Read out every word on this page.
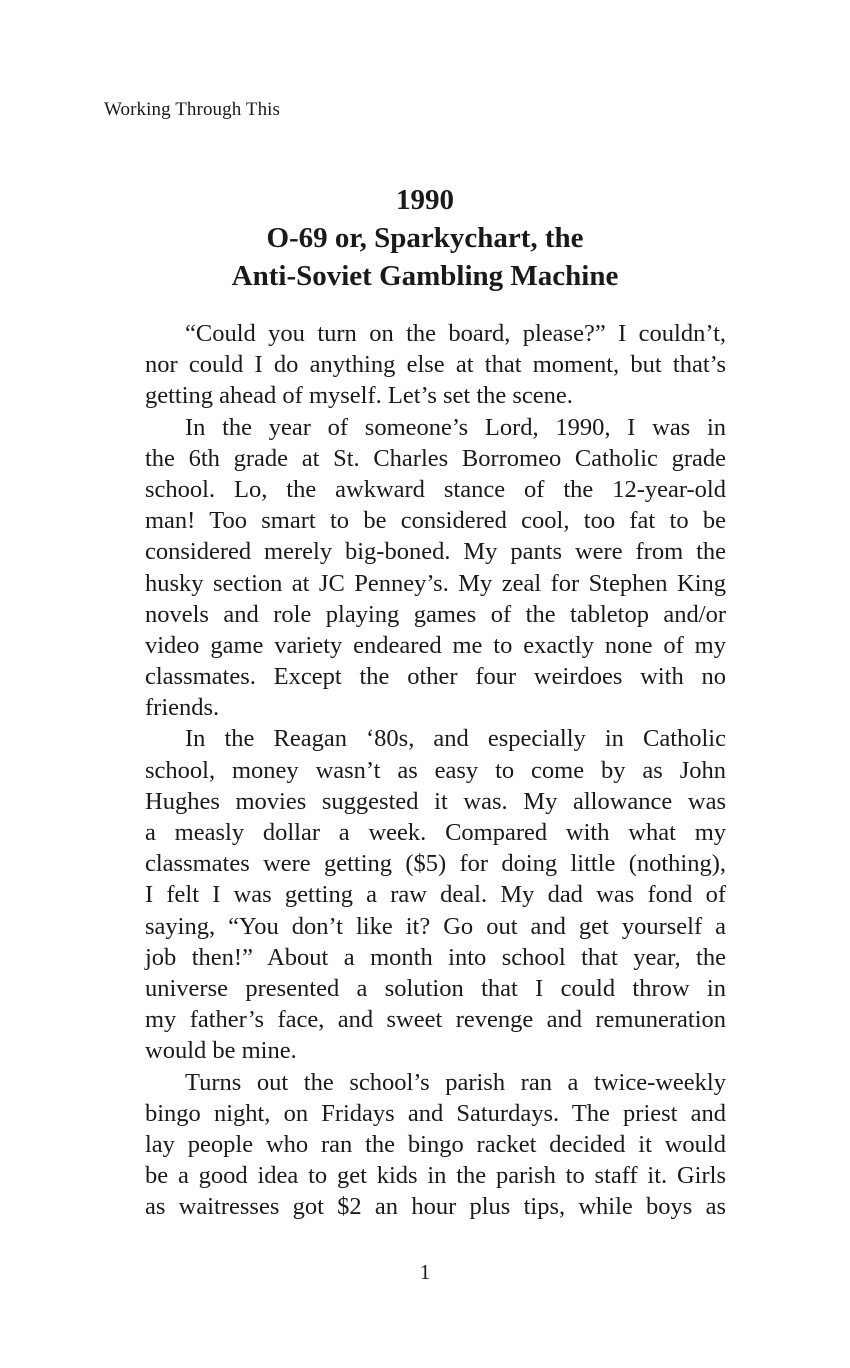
Working Through This
1990
O-69 or, Sparkychart, the
Anti-Soviet Gambling Machine
“Could you turn on the board, please?” I couldn’t,
nor could I do anything else at that moment, but that’s
getting ahead of myself. Let’s set the scene.
In the year of someone’s Lord, 1990, I was in
the 6th grade at St. Charles Borromeo Catholic grade
school. Lo, the awkward stance of the 12-year-old
man! Too smart to be considered cool, too fat to be
considered merely big-boned. My pants were from the
husky section at JC Penney’s. My zeal for Stephen King
novels and role playing games of the tabletop and/or
video game variety endeared me to exactly none of my
classmates. Except the other four weirdoes with no
friends.
In the Reagan ‘80s, and especially in Catholic
school, money wasn’t as easy to come by as John
Hughes movies suggested it was. My allowance was
a measly dollar a week. Compared with what my
classmates were getting ($5) for doing little (nothing),
I felt I was getting a raw deal. My dad was fond of
saying, “You don’t like it? Go out and get yourself a
job then!” About a month into school that year, the
universe presented a solution that I could throw in
my father’s face, and sweet revenge and remuneration
would be mine.
Turns out the school’s parish ran a twice-weekly
bingo night, on Fridays and Saturdays. The priest and
lay people who ran the bingo racket decided it would
be a good idea to get kids in the parish to staff it. Girls
as waitresses got $2 an hour plus tips, while boys as
1
